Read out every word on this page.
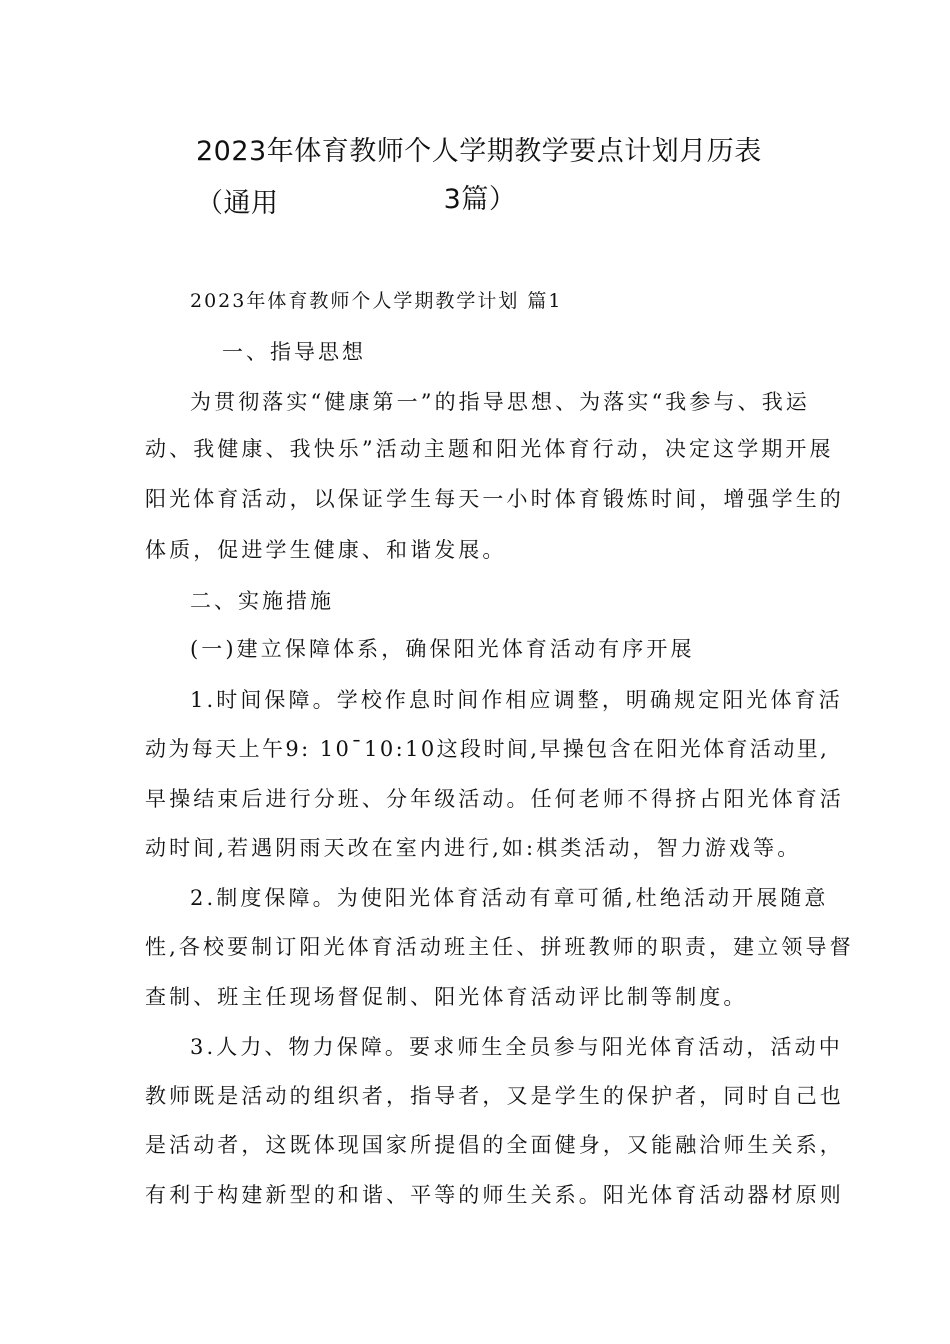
2023年体育教师个人学期教学要点计划月历表（通用	3篇）
2023年体育教师个人学期教学计划 篇1
一、指导思想
为贯彻落实“健康第一”的指导思想、为落实“我参与、我运
动、我健康、我快乐”活动主题和阳光体育行动，决定这学期开展
阳光体育活动，以保证学生每天一小时体育锻炼时间，增强学生的
体质，促进学生健康、和谐发展。
二、实施措施
(一)建立保障体系，确保阳光体育活动有序开展
1.时间保障。学校作息时间作相应调整，明确规定阳光体育活
动为每天上午9: 10¯10:10这段时间,早操包含在阳光体育活动里,
早操结束后进行分班、分年级活动。任何老师不得挤占阳光体育活
动时间,若遇阴雨天改在室内进行,如:棋类活动，智力游戏等。
2.制度保障。为使阳光体育活动有章可循,杜绝活动开展随意
性,各校要制订阳光体育活动班主任、拼班教师的职责，建立领导督
查制、班主任现场督促制、阳光体育活动评比制等制度。
3.人力、物力保障。要求师生全员参与阳光体育活动，活动中
教师既是活动的组织者，指导者，又是学生的保护者，同时自己也
是活动者，这既体现国家所提倡的全面健身，又能融洽师生关系，
有利于构建新型的和谐、平等的师生关系。阳光体育活动器材原则
